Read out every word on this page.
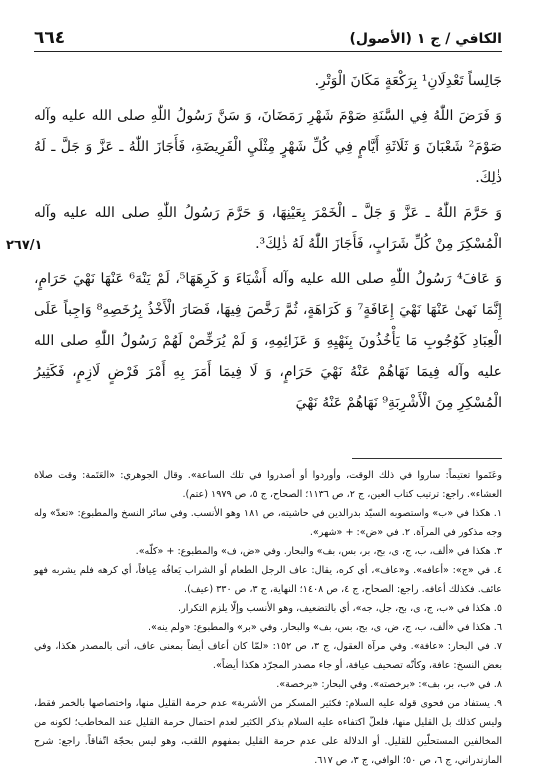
الكافي / ج ١ (الأصول)
٦٦٤

جَالِساً تَعْدِلَانِ¹ بِرَكْعَةٍ مَكَانَ الْوَتْرِ.

وَ فَرَضَ اللّٰهُ فِي السَّنَةِ صَوْمَ شَهْرِ رَمَضَانَ، وَ سَنَّ رَسُولُ اللّٰهِ صلى الله عليه وآله صَوْمَ² شَعْبَانَ وَ ثَلَاثَةِ أَيَّامٍ فِي كُلِّ شَهْرٍ مِثْلَيِ الْفَرِيضَةِ، فَأَجَازَ اللّٰهُ ـ عَزَّ وَ جَلَّ ـ لَهُ ذٰلِكَ.

وَ حَرَّمَ اللّٰهُ ـ عَزَّ وَ جَلَّ ـ الْخَمْرَ بِعَيْنِهَا، وَ حَرَّمَ رَسُولُ اللّٰهِ صلى الله عليه وآله الْمُسْكِرَ مِنْ كُلِّ شَرَابٍ، فَأَجَازَ اللّٰهُ لَهُ ذٰلِكَ³.

وَ عَافَ⁴ رَسُولُ اللّٰهِ صلى الله عليه وآله أَشْيَاءَ وَ كَرِهَهَا⁵، لَمْ يَنْهَ⁶ عَنْهَا نَهْيَ حَرَامٍ، إِنَّمَا نَهىٰ عَنْهَا نَهْيَ إِعَافَةٍ⁷ وَ كَرَاهَةٍ، ثُمَّ رَخَّصَ فِيهَا، فَصَارَ الْأَخْذُ بِرُخَصِهِ⁸ وَاجِباً عَلَى الْعِبَادِ كَوُجُوبِ مَا يَأْخُذُونَ بِنَهْيِهِ وَ عَزَائِمِهِ، وَ لَمْ يُرَخِّصْ لَهُمْ رَسُولُ اللّٰهِ صلى الله عليه وآله فِيمَا نَهَاهُمْ عَنْهُ نَهْيَ حَرَامٍ، وَ لَا فِيمَا أَمَرَ بِهِ أَمْرَ فَرْضٍ لَازِمٍ، فَكَثِيرُ الْمُسْكِرِ مِنَ الْأَشْرِبَةِ⁹ نَهَاهُمْ عَنْهُ نَهْيَ

٢٦٧/١

وعَتَموا تعتيماً: ساروا في ذلك الوقت، وأوردوا أو أصدروا في تلك الساعة». وقال الجوهري: «العَتَمة: وقت صلاة العشاء». راجع: ترتيب كتاب العين، ج ٢، ص ١١٣٦؛ الصحاح، ج ٥، ص ١٩٧٩ (عتم).

١. هكذا في «ب» واستصوبه السيّد بدرالدين في حاشيته، ص ١٨١ وهو الأنسب. وفي سائر النسخ والمطبوع: «تعدّ» وله وجه مذكور في المرآة. ٢. في «ض»: + «شهر».

٣. هكذا في «ألف، ب، ج، ى، بح، بر، بس، بف» والبحار. وفي «ض، ف» والمطبوع: + «كلّه».

٤. في «ج»: «أعافه». و«عاف»، أي كره، يقال: عاف الرجل الطعام أو الشراب يَعافُه عِيافاً، أي كرهه فلم يشربه فهو عائف. فكذلك أعافه. راجع: الصحاح، ج ٤، ص ١٤٠٨؛ النهاية، ج ٣، ص ٣٣٠ (عيف).

٥. هكذا في «ب، ج، ى، بح، جل، جه»، أي بالتضعيف، وهو الأنسب وإلّا يلزم التكرار.

٦. هكذا في «ألف، ب، ج، ض، ى، بح، بس، بف» والبحار. وفي «بر» والمطبوع: «ولم ينه».

٧. في البحار: «عافة». وفي مرآة العقول، ج ٣، ص ١٥٢: «لمّا كان أعاف أيضاً بمعنى عاف، أتى بالمصدر هكذا، وفي بعض النسخ: عافة، وكأنّه تصحيف عيافة، أو جاء مصدر المجرّد هكذا أيضاً».

٨. في «ب، بر، بف»: «برخصته». وفي البحار: «برخصة».

٩. يستفاد من فحوى قوله عليه السلام: فكثير المسكر من الأشربة» عدم حرمة القليل منها، واختصاصها بالخمر فقط، وليس كذلك بل القليل منها، فلعلّ اكتفاءه عليه السلام بذكر الكثير لعدم احتمال حرمة القليل عند المخاطب؛ لكونه من المخالفين المستحلّين للقليل. أو الدلالة على عدم حرمة القليل بمفهوم اللقب، وهو ليس بحجّة اتّفاقاً. راجع: شرح المازندراني، ج ٦، ص ٥٠؛ الوافي، ج ٣، ص ٦١٧.
